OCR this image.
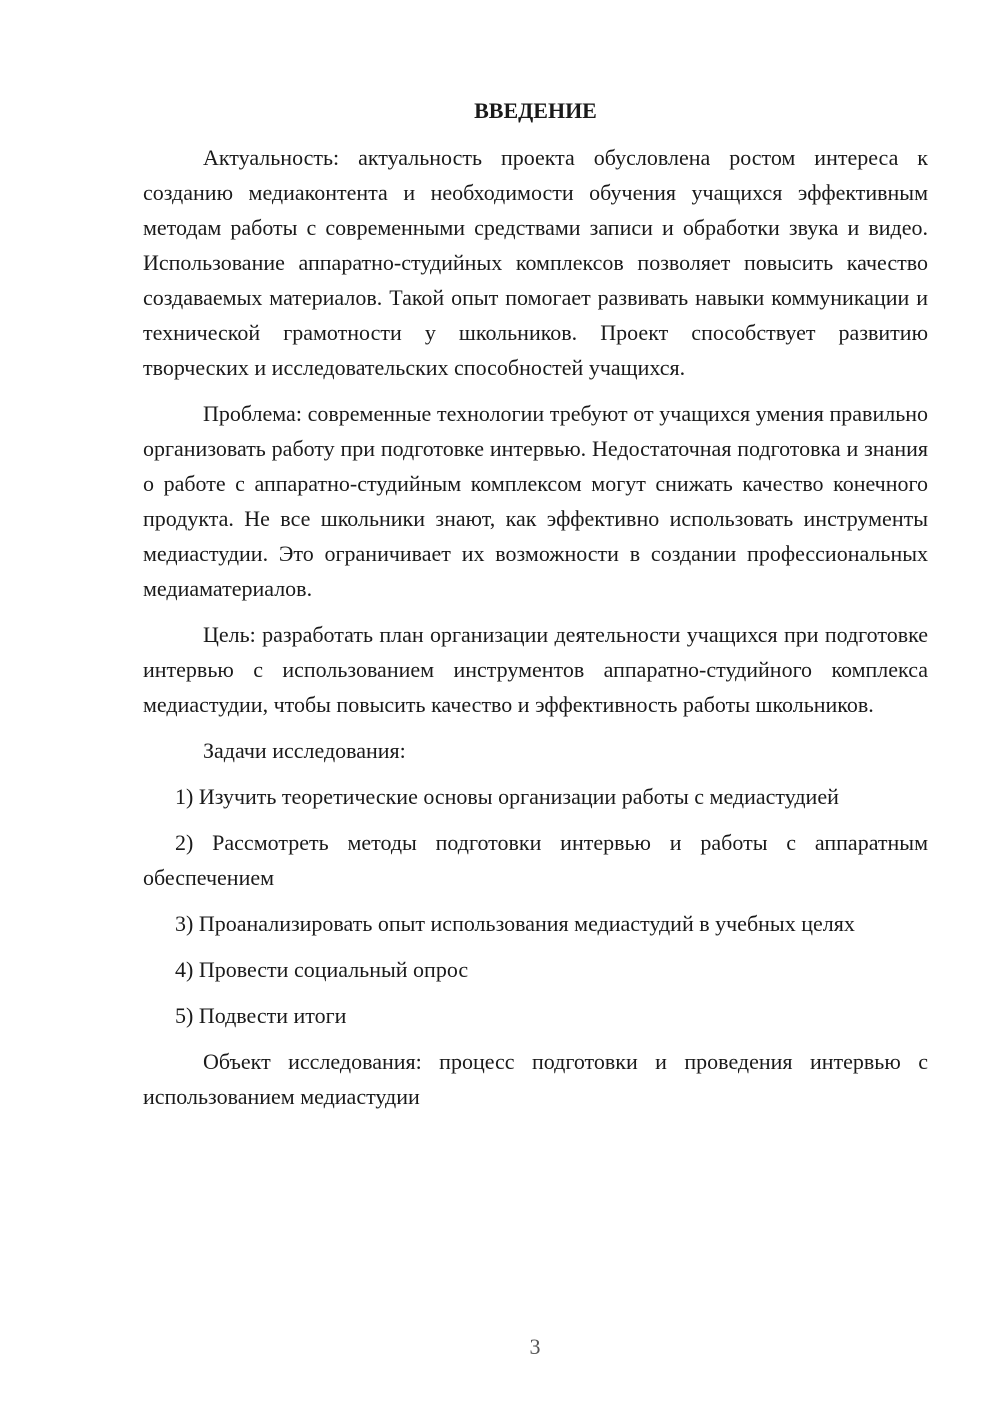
ВВЕДЕНИЕ

Актуальность: актуальность проекта обусловлена ростом интереса к созданию медиаконтента и необходимости обучения учащихся эффективным методам работы с современными средствами записи и обработки звука и видео. Использование аппаратно-студийных комплексов позволяет повысить качество создаваемых материалов. Такой опыт помогает развивать навыки коммуникации и технической грамотности у школьников. Проект способствует развитию творческих и исследовательских способностей учащихся.

Проблема: современные технологии требуют от учащихся умения правильно организовать работу при подготовке интервью. Недостаточная подготовка и знания о работе с аппаратно-студийным комплексом могут снижать качество конечного продукта. Не все школьники знают, как эффективно использовать инструменты медиастудии. Это ограничивает их возможности в создании профессиональных медиаматериалов.

Цель: разработать план организации деятельности учащихся при подготовке интервью с использованием инструментов аппаратно-студийного комплекса медиастудии, чтобы повысить качество и эффективность работы школьников.

Задачи исследования:

1) Изучить теоретические основы организации работы с медиастудией

2) Рассмотреть методы подготовки интервью и работы с аппаратным обеспечением

3) Проанализировать опыт использования медиастудий в учебных целях

4) Провести социальный опрос

5) Подвести итоги

Объект исследования: процесс подготовки и проведения интервью с использованием медиастудии

3
